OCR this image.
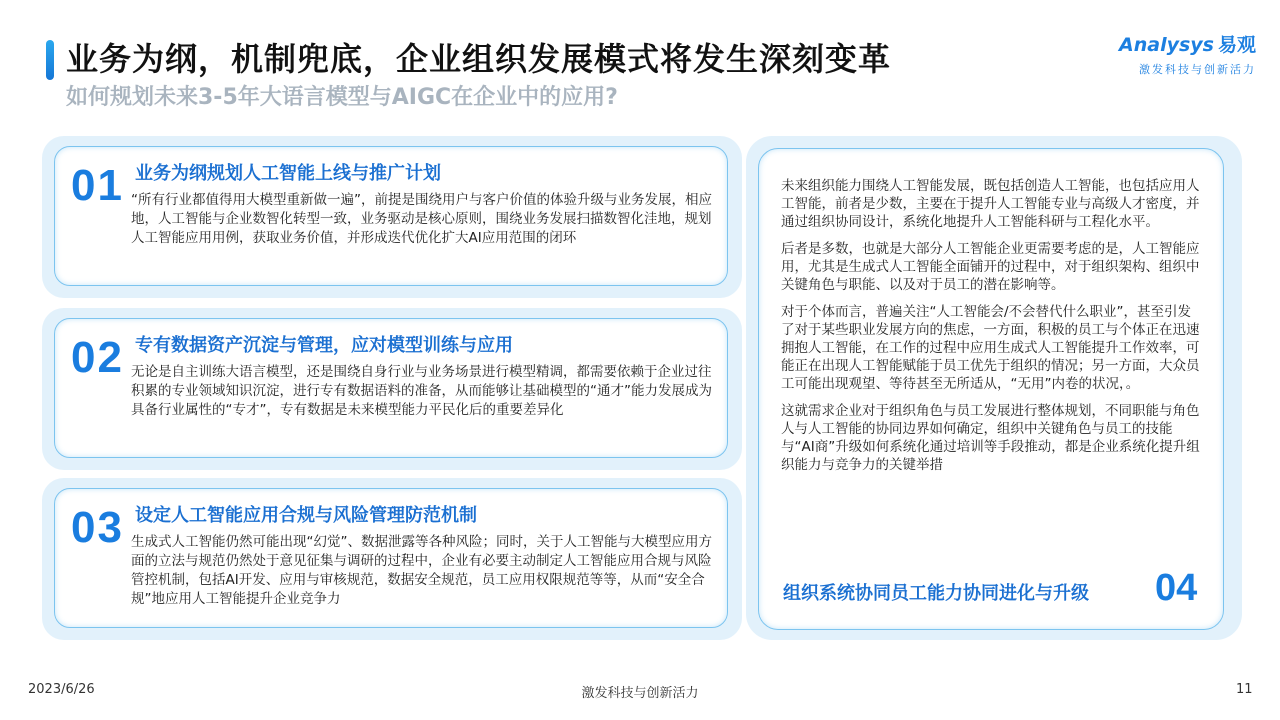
业务为纲，机制兜底，企业组织发展模式将发生深刻变革
如何规划未来3-5年大语言模型与AIGC在企业中的应用?
Analysys 易观
激发科技与创新活力
01 业务为纲规划人工智能上线与推广计划
“所有行业都值得用大模型重新做一遍”，前提是围绕用户与客户价值的体验升级与业务发展，相应地，人工智能与企业数智化转型一致，业务驱动是核心原则，围绕业务发展扫描数智化洼地，规划人工智能应用用例，获取业务价值，并形成迭代优化扩大AI应用范围的闭环
02 专有数据资产沉淀与管理，应对模型训练与应用
无论是自主训练大语言模型，还是围绕自身行业与业务场景进行模型精调，都需要依赖于企业过往积累的专业领域知识沉淀，进行专有数据语料的准备，从而能够让基础模型的“通才”能力发展成为具备行业属性的“专才”，专有数据是未来模型能力平民化后的重要差异化
03 设定人工智能应用合规与风险管理防范机制
生成式人工智能仍然可能出现“幻觉”、数据泄露等各种风险；同时，关于人工智能与大模型应用方面的立法与规范仍然处于意见征集与调研的过程中，企业有必要主动制定人工智能应用合规与风险管控机制，包括AI开发、应用与审核规范，数据安全规范，员工应用权限规范等等，从而“安全合规”地应用人工智能提升企业竞争力

未来组织能力围绕人工智能发展，既包括创造人工智能，也包括应用人工智能，前者是少数，主要在于提升人工智能专业与高级人才密度，并通过组织协同设计，系统化地提升人工智能科研与工程化水平。

后者是多数，也就是大部分人工智能企业更需要考虑的是，人工智能应用，尤其是生成式人工智能全面铺开的过程中，对于组织架构、组织中关键角色与职能、以及对于员工的潜在影响等。

对于个体而言，普遍关注“人工智能会/不会替代什么职业”，甚至引发了对于某些职业发展方向的焦虑，一方面，积极的员工与个体正在迅速拥抱人工智能，在工作的过程中应用生成式人工智能提升工作效率，可能正在出现人工智能赋能于员工优先于组织的情况；另一方面，大众员工可能出现观望、等待甚至无所适从，“无用”内卷的状况，。

这就需求企业对于组织角色与员工发展进行整体规划，不同职能与角色人与人工智能的协同边界如何确定，组织中关键角色与员工的技能与“AI商”升级如何系统化通过培训等手段推动，都是企业系统化提升组织能力与竞争力的关键举措

组织系统协同员工能力协同进化与升级 04
2023/6/26	激发科技与创新活力	11
